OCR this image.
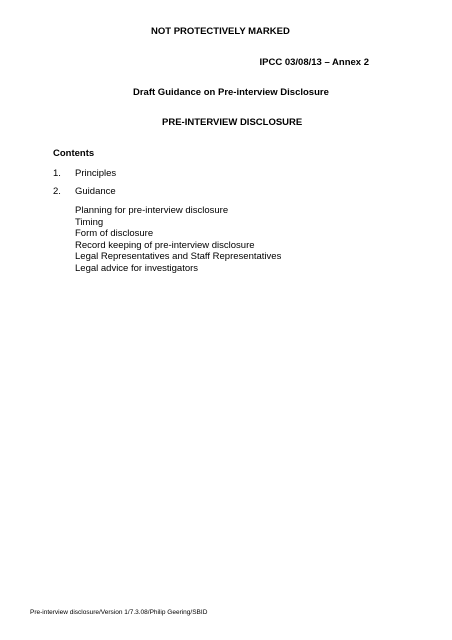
NOT PROTECTIVELY MARKED
IPCC 03/08/13 – Annex 2
Draft Guidance on Pre-interview Disclosure
PRE-INTERVIEW DISCLOSURE
Contents
1. Principles
2. Guidance
Planning for pre-interview disclosure
Timing
Form of disclosure
Record keeping of pre-interview disclosure
Legal Representatives and Staff Representatives
Legal advice for investigators
Pre-interview disclosure/Version 1/7.3.08/Philip Geering/SBID
